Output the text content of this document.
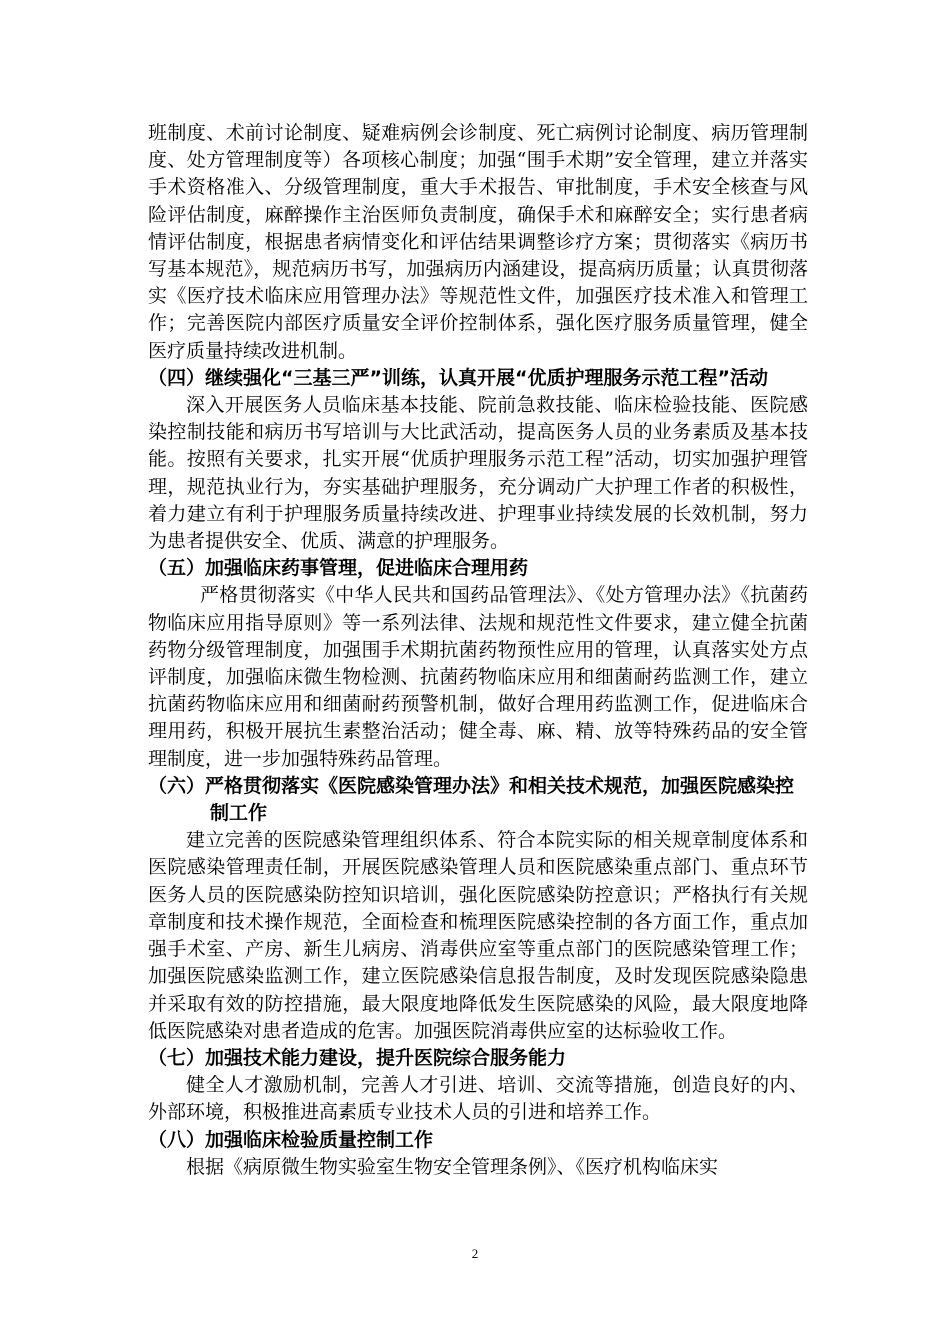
班制度、术前讨论制度、疑难病例会诊制度、死亡病例讨论制度、病历管理制度、处方管理制度等）各项核心制度；加强“围手术期”安全管理，建立并落实手术资格准入、分级管理制度，重大手术报告、审批制度，手术安全核查与风险评估制度，麻醉操作主治医师负责制度，确保手术和麻醉安全；实行患者病情评估制度，根据患者病情变化和评估结果调整诊疗方案；贯彻落实《病历书写基本规范》，规范病历书写，加强病历内涵建设，提高病历质量；认真贯彻落实《医疗技术临床应用管理办法》等规范性文件，加强医疗技术准入和管理工作；完善医院内部医疗质量安全评价控制体系，强化医疗服务质量管理，健全医疗质量持续改进机制。

（四）继续强化“三基三严”训练，认真开展“优质护理服务示范工程”活动

深入开展医务人员临床基本技能、院前急救技能、临床检验技能、医院感染控制技能和病历书写培训与大比武活动，提高医务人员的业务素质及基本技能。按照有关要求，扎实开展“优质护理服务示范工程”活动，切实加强护理管理，规范执业行为，夯实基础护理服务，充分调动广大护理工作者的积极性，着力建立有利于护理服务质量持续改进、护理事业持续发展的长效机制，努力为患者提供安全、优质、满意的护理服务。

（五）加强临床药事管理，促进临床合理用药

严格贯彻落实《中华人民共和国药品管理法》、《处方管理办法》《抗菌药物临床应用指导原则》等一系列法律、法规和规范性文件要求，建立健全抗菌药物分级管理制度，加强围手术期抗菌药物预性应用的管理，认真落实处方点评制度，加强临床微生物检测、抗菌药物临床应用和细菌耐药监测工作，建立抗菌药物临床应用和细菌耐药预警机制，做好合理用药监测工作，促进临床合理用药，积极开展抗生素整治活动；健全毒、麻、精、放等特殊药品的安全管理制度，进一步加强特殊药品管理。

（六）严格贯彻落实《医院感染管理办法》和相关技术规范，加强医院感染控制工作

建立完善的医院感染管理组织体系、符合本院实际的相关规章制度体系和医院感染管理责任制，开展医院感染管理人员和医院感染重点部门、重点环节医务人员的医院感染防控知识培训，强化医院感染防控意识；严格执行有关规章制度和技术操作规范，全面检查和梳理医院感染控制的各方面工作，重点加强手术室、产房、新生儿病房、消毒供应室等重点部门的医院感染管理工作；加强医院感染监测工作，建立医院感染信息报告制度，及时发现医院感染隐患并采取有效的防控措施，最大限度地降低发生医院感染的风险，最大限度地降低医院感染对患者造成的危害。加强医院消毒供应室的达标验收工作。

（七）加强技术能力建设，提升医院综合服务能力

健全人才激励机制，完善人才引进、培训、交流等措施，创造良好的内、外部环境，积极推进高素质专业技术人员的引进和培养工作。

（八）加强临床检验质量控制工作

根据《病原微生物实验室生物安全管理条例》、《医疗机构临床实

2
